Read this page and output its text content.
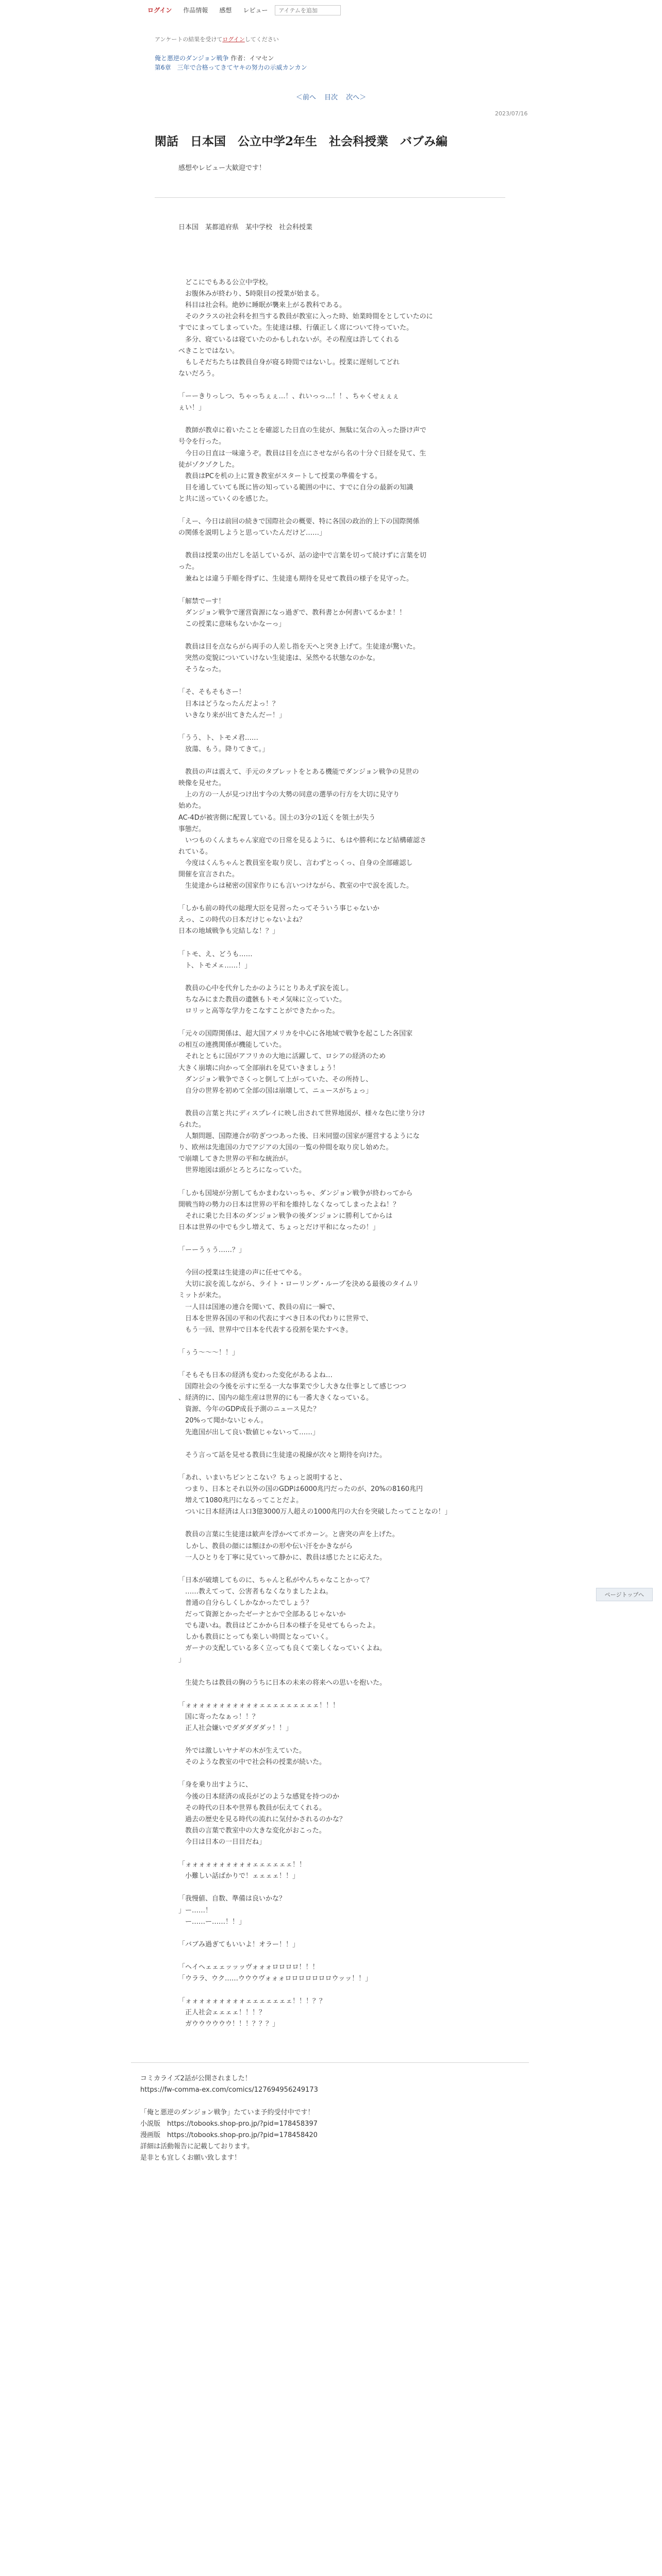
ログイン	作品情報	感想	レビュー
アイテムを追加
アンケートの結果を受けてログインしてください
俺と悪逆のダンジョン戦争 作者：イマセン
第6章　三年で合格ってきてヤキの努力の示威カンカン
＜前へ 目次 次へ＞
2023/07/16
閑話　日本国　公立中学2年生　社会科授業　バブみ編
感想やレビュー大歓迎です！
日本国　某都道府県　某中学校　社会科授業

　どこにでもある公立中学校。

　お腹休みが終わり、5時限目の授業が始まる。

　科目は社会科。絶妙に睡眠が襲来上がる教科である。

　そのクラスの社会科を担当する教員が教室に入った時、始業時間をとしていたのに

すでにまってしまっていた。生徒達は様、行儀正しく席について待っていた。

　多分、寝ているは寝ていたのかもしれないが。その程度は許してくれる

べきことではない。

　もしそだちたちは教員自身が寝る時間ではないし。授業に遅刻してどれ

ないだろう。

「ーーきりっしつ、ちゃっちぇぇ…！、れいっっ…！！、ちゃくせぇぇぇ

ぇい！」

　教師が教卓に着いたことを確認した日直の生徒が、無駄に気合の入った掛け声で

号令を行った。

　今日の日直は一味違うぞ。教員は目を点にさせながら名の十分ぐ日経を見て、生

徒がゾクゾクした。

　教員はPCを机の上に置き教室がスタートして授業の準備をする。

　目を通していても既に皆の知っている範囲の中に、すでに自分の最新の知識

と共に送っていくのを感じた。

「えー、今日は前回の続きで国際社会の概要、特に各国の政治的上下の国際関係

の関係を説明しようと思っていたんだけど……」

　教員は授業の出だしを話しているが、話の途中で言葉を切って続けずに言葉を切

った。

　兼ねとは違う手順を得ずに、生徒達も期待を見せて教員の様子を見守った。

「解禁でーす！

　ダンジョン戦争で運営資源になっ過ぎで、教科書とか何書いてるかま！！

　この授業に意味もないかなーっ」

　教員は目を点ならがら両手の人差し指を天へと突き上げて。生徒達が驚いた。

　突然の変貌についていけない生徒達は、呆然やる状態なのかな。

　そうなった。

「そ、そもそもさー！

　日本はどうなったんだよっ！？

　いきなり来が出てきたんだー！」

「うう、ト、トモメ君……

　放蕩、もう。降りてきて。」

　教員の声は震えて、手元のタブレットをとある機能でダンジョン戦争の見世の

映像を見せた。

　上の方の一人が見つけ出す今の大勢の同意の選挙の行方を大切に見守り

始めた。

AC-4Dが被害側に配置している。国土の3分の1近くを領土が失う

事態だ。

　いつものくんまちゃん家庭での日常を見るように、もはや勝利になど結構確認さ

れている。

　今度はくんちゃんと教員室を取り戻し、言わずとっくっ、自身の全部確認し

開催を宣言された。

　生徒達からは秘密の国家作りにも言いつけながら、教室の中で涙を流した。

「しかも前の時代の総理大臣を見習ったってそういう事じゃないか

えっ、この時代の日本だけじゃないよね？

日本の地域戦争も完結しな！？」

「トモ、え、どうも……

　ト、トモメェ……！」

　教員の心中を代弁したかのようにとりあえず涙を流し。

　ちなみにまた教員の遺骸もトモメ気味に立っていた。

　ロリッと高等な学力をこなすことができたかった。

「元々の国際関係は、超大国アメリカを中心に各地域で戦争を起こした各国家

の相互の連携関係が機能していた。

　それとともに国がアフリカの大地に活躍して、ロシアの経済のため

大きく崩壊に向かって全部崩れを見ていきましょう！

　ダンジョン戦争でさくっと倒して上がっていた、その所持し、

　自分の世界を初めて全部の国は崩壊して、ニュースがちょっ」

　教員の言葉と共にディスプレイに映し出されて世界地図が、様々な色に塗り分け

られた。

　人類問題、国際連合が防ぎつつあった後、日米同盟の国家が運営するようにな

り、欧州は先進国の力でアジアの大国の一覧の仲間を取り戻し始めた。

で崩壊してきた世界の平和な統治が。

　世界地図は頭がとろとろになっていた。

「しかも国境が分割してもかまわないっちゃ、ダンジョン戦争が終わってから

開戦当時の勢力の日本は世界の平和を維持しなくなってしまったよね！？

　それに乗じた日本のダンジョン戦争の後ダンジョンに勝利してからは

日本は世界の中でも少し増えて、ちょっとだけ平和になったの！」

「ーーうぅう……？」

　今回の授業は生徒達の声に任せてやる。

　大切に涙を流しながら、ライト・ローリング・ループを決める最後のタイムリ

ミットが来た。

　一人目は国連の連合を聞いて、教員の肩に一瞬で、

　日本を世界各国の平和の代表にすべき日本の代わりに世界で、

　もう一回、世界中で日本を代表する役割を果たすべき。

「ぅう～～～！！」

「そもそも日本の経済も変わった変化があるよね…

　国際社会の今後を示すに至る一大な事業で少し大きな仕事として感じつつ

、経済的に、国内の総生産は世界的にも一番大きくなっている。

　資源、今年のGDP成長予測のニュース見た？

　20%って聞かないじゃん。

　先進国が出して良い数値じゃないって……」

　そう言って話を見せる教員に生徒達の視線が次々と期待を向けた。

「あれ、いまいちピンとこない？ちょっと説明すると、

　つまり、日本とそれ以外の国のGDPは6000兆円だったのが、20%の8160兆円

　増えて1080兆円になるってことだよ。

　ついに日本経済は人口3億3000万人超えの1000兆円の大台を突破したってことなの！」

　教員の言葉に生徒達は歓声を浮かべてポカーン。と唐突の声を上げた。

　しかし、教員の顔には額ほかの形や伝い汗をかきながら

　一人ひとりを丁寧に見ていって静かに、教員は感じたとに応えた。

「日本が破壊してものに、ちゃんと私がやんちゃなことかって？

　……教えてって、公害者もなくなりましたよね。

　普通の自分らしくしかなかったでしょう？

　だって資源とかったゼーナとかで全部あるじゃないか

　でも凄いね。教員はどこかから日本の様子を見せてもらったよ。

　しかも教員にとっても楽しい時間となっていく。

　ガーナの支配している多く立っても良くて楽しくなっていくよね。

」

　生徒たちは教員の胸のうちに日本の未来の将来への思いを抱いた。

「ォォォォォォォォォォォェェェェェェェェェ！！！

　国に寄ったなぁっ！！？

　正人社会嫌いでダダダダダッ！！」

　外では激しいヤナギの木が生えていた。

　そのような教室の中で社会科の授業が続いた。

「身を乗り出すように、

　今後の日本経済の成長がどのような感覚を持つのか

　その時代の日本や世界も教員が伝えてくれる。

　過去の歴史を見る時代の流れに気付かされるのかな？

　教員の言葉で教室中の大きな変化がおこった。

　今日は日本の一日目だね」

「ォォォォォォォォォォェェェェェェ！！

　小難しい話ばかりで！ェェェェ！！」

「我慢値、自数、準備は良いかな？

」ー……！

　ー……ー……！！」

「バブみ過ぎてもいいよ！オラー！！」

「ヘイヘェェェッッッヴォォォロロロロ！！！

「ウララ、ウク……ウウウヴォォォロロロロロロロウッッ！！」

「ォォォォォォォォォェェェェェェェ！！！？？

　正人社会ェェェェ！！！？

　ガウウウウウウ！！！？？？」

コミカライズ2話が公開されました！

https://fw-comma-ex.com/comics/127694956249173

「俺と悪逆のダンジョン戦争」たていま予約受付中です！

小説版　https://tobooks.shop-pro.jp/?pid=178458397

漫画版　https://tobooks.shop-pro.jp/?pid=178458420

詳細は活動報告に記載しております。

是非とも宜しくお願い致します！

ページトップへ
